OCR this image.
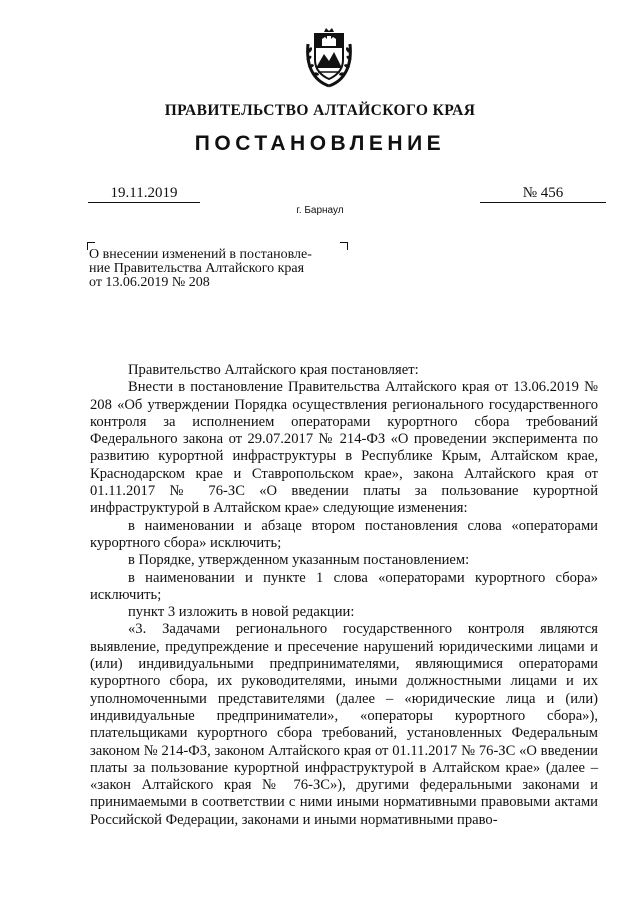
ПРАВИТЕЛЬСТВО АЛТАЙСКОГО КРАЯ
ПОСТАНОВЛЕНИЕ
19.11.2019	№ 456
г. Барнаул
О внесении изменений в постановле-
ние Правительства Алтайского края
от 13.06.2019 № 208

Правительство Алтайского края постановляет:

Внести в постановление Правительства Алтайского края от 13.06.2019 № 208 «Об утверждении Порядка осуществления регионального государственного контроля за исполнением операторами курортного сбора требований Федерального закона от 29.07.2017 № 214-ФЗ «О проведении эксперимента по развитию курортной инфраструктуры в Республике Крым, Алтайском крае, Краснодарском крае и Ставропольском крае», закона Алтайского края от 01.11.2017 № 76-ЗС «О введении платы за пользование курортной инфраструктурой в Алтайском крае» следующие изменения:

в наименовании и абзаце втором постановления слова «операторами курортного сбора» исключить;

в Порядке, утвержденном указанным постановлением:

в наименовании и пункте 1 слова «операторами курортного сбора» исключить;

пункт 3 изложить в новой редакции:

«3. Задачами регионального государственного контроля являются выявление, предупреждение и пресечение нарушений юридическими лицами и (или) индивидуальными предпринимателями, являющимися операторами курортного сбора, их руководителями, иными должностными лицами и их уполномоченными представителями (далее – «юридические лица и (или) индивидуальные предприниматели», «операторы курортного сбора»), плательщиками курортного сбора требований, установленных Федеральным законом № 214-ФЗ, законом Алтайского края от 01.11.2017 № 76-ЗС «О введении платы за пользование курортной инфраструктурой в Алтайском крае» (далее – «закон Алтайского края № 76-ЗС»), другими федеральными законами и принимаемыми в соответствии с ними иными нормативными правовыми актами Российской Федерации, законами и иными нормативными право-
